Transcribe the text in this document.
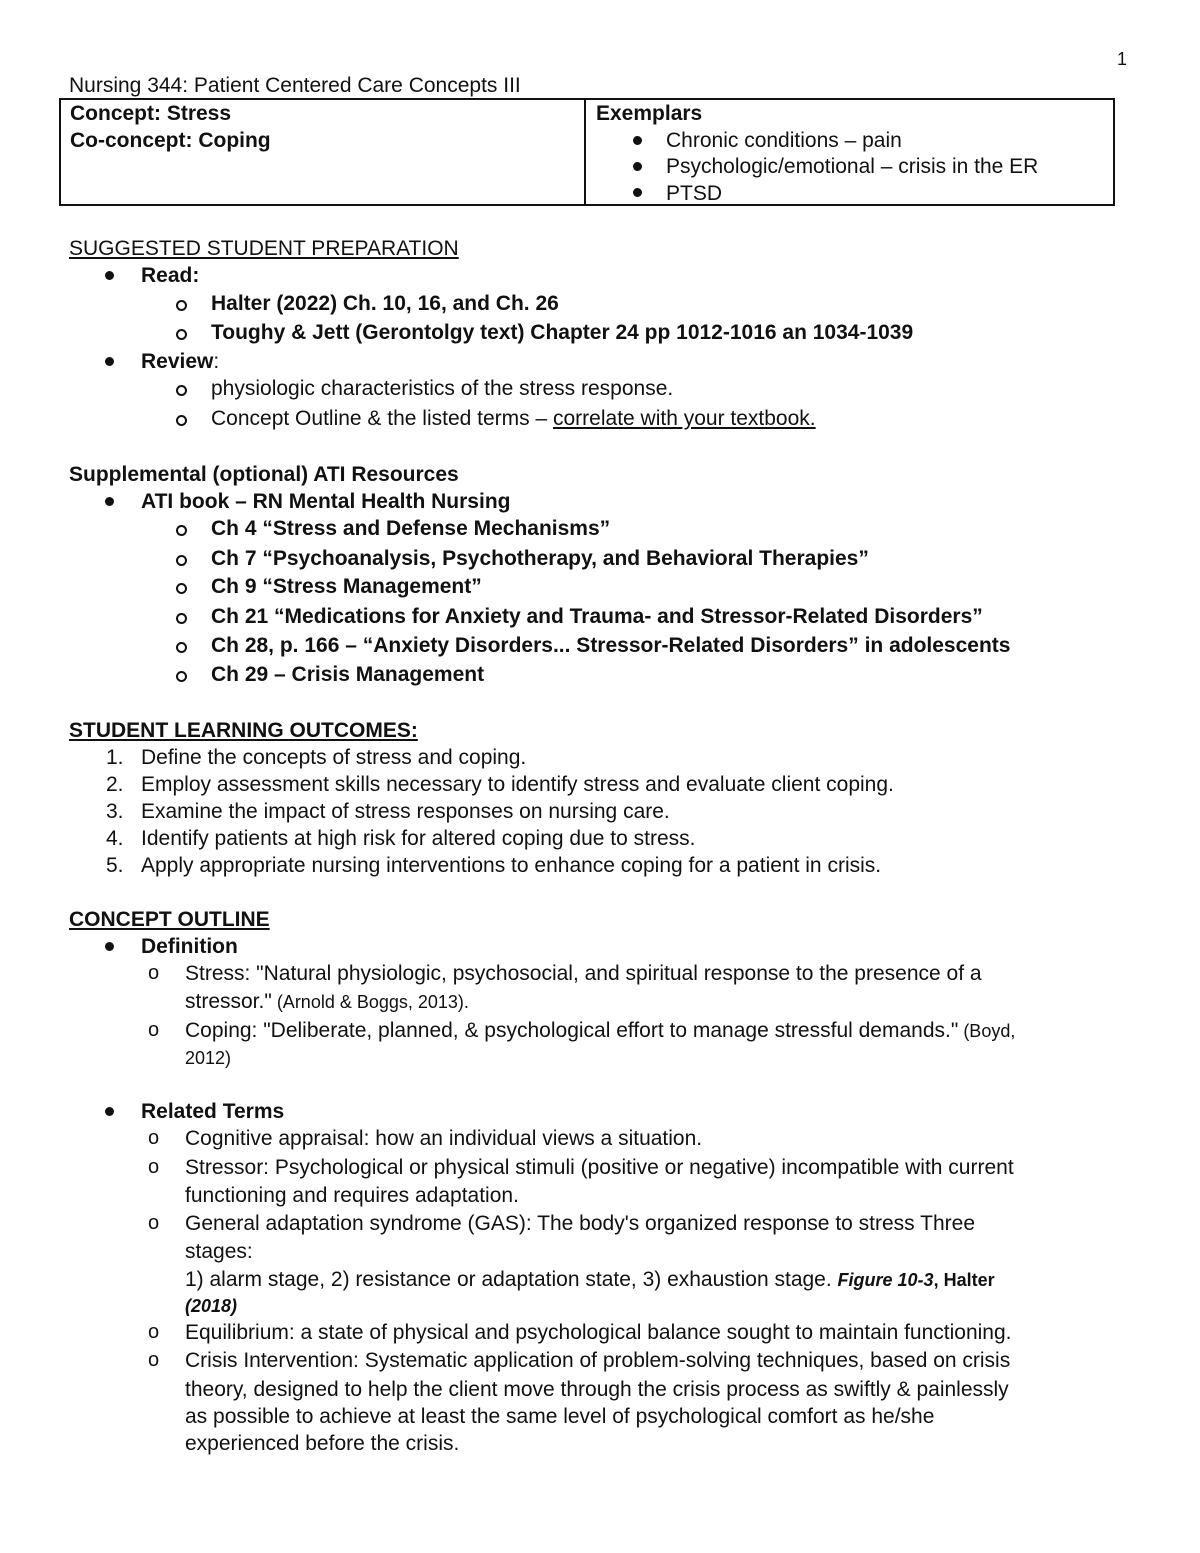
1
Nursing 344: Patient Centered Care Concepts III
Concept: Stress
Co-concept: Coping
Exemplars
Chronic conditions – pain
Psychologic/emotional – crisis in the ER
PTSD
SUGGESTED STUDENT PREPARATION
Read:
Halter (2022) Ch. 10, 16, and Ch. 26
Toughy & Jett (Gerontolgy text) Chapter 24 pp 1012-1016 an 1034-1039
Review:
physiologic characteristics of the stress response.
Concept Outline & the listed terms – correlate with your textbook.
Supplemental (optional) ATI Resources
ATI book – RN Mental Health Nursing
Ch 4 “Stress and Defense Mechanisms”
Ch 7 “Psychoanalysis, Psychotherapy, and Behavioral Therapies”
Ch 9 “Stress Management”
Ch 21 “Medications for Anxiety and Trauma- and Stressor-Related Disorders”
Ch 28, p. 166 – “Anxiety Disorders... Stressor-Related Disorders” in adolescents
Ch 29 – Crisis Management
STUDENT LEARNING OUTCOMES:
1. Define the concepts of stress and coping.
2. Employ assessment skills necessary to identify stress and evaluate client coping.
3. Examine the impact of stress responses on nursing care.
4. Identify patients at high risk for altered coping due to stress.
5. Apply appropriate nursing interventions to enhance coping for a patient in crisis.
CONCEPT OUTLINE
Definition
o Stress: "Natural physiologic, psychosocial, and spiritual response to the presence of a
stressor." (Arnold & Boggs, 2013).
o Coping: "Deliberate, planned, & psychological effort to manage stressful demands." (Boyd,
2012)
Related Terms
o Cognitive appraisal: how an individual views a situation.
o Stressor: Psychological or physical stimuli (positive or negative) incompatible with current
functioning and requires adaptation.
o General adaptation syndrome (GAS): The body's organized response to stress Three
stages:
1) alarm stage, 2) resistance or adaptation state, 3) exhaustion stage. Figure 10-3, Halter
(2018)
o Equilibrium: a state of physical and psychological balance sought to maintain functioning.
o Crisis Intervention: Systematic application of problem-solving techniques, based on crisis
theory, designed to help the client move through the crisis process as swiftly & painlessly
as possible to achieve at least the same level of psychological comfort as he/she
experienced before the crisis.
